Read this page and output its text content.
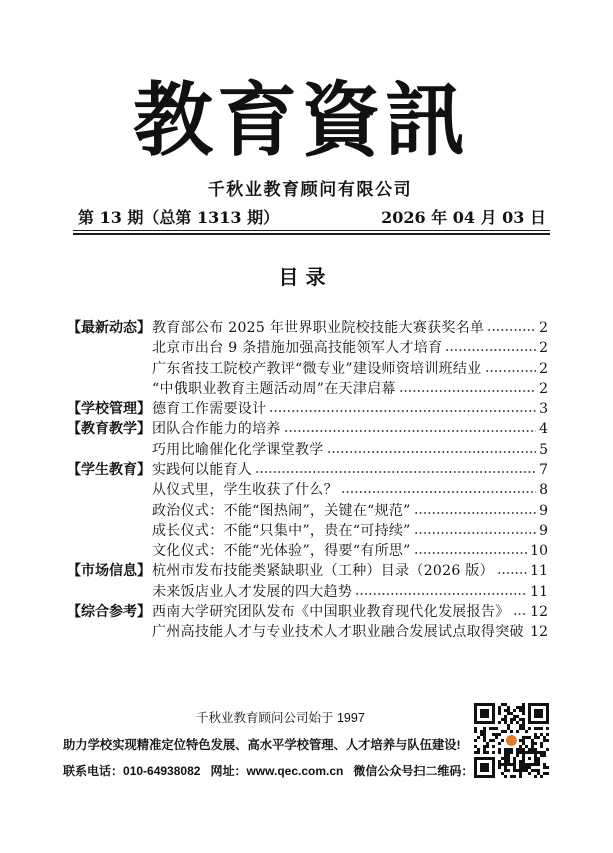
教育資訊
千秋业教育顾问有限公司
第 13 期（总第 1313 期）	2026 年 04 月 03 日
目 录
【最新动态】 教育部公布 2025 年世界职业院校技能大赛获奖名单	2
北京市出台 9 条措施加强高技能领军人才培育	2
广东省技工院校产教评“微专业”建设师资培训班结业	2
“中俄职业教育主题活动周”在天津启幕	2
【学校管理】 德育工作需要设计	3
【教育教学】 团队合作能力的培养	4
巧用比喻催化化学课堂教学	5
【学生教育】 实践何以能育人	7
从仪式里，学生收获了什么？	8
政治仪式：不能“图热闹”，关键在“规范”	9
成长仪式：不能“只集中”，贵在“可持续”	9
文化仪式：不能“光体验”，得要“有所思”	10
【市场信息】 杭州市发布技能类紧缺职业（工种）目录（2026 版）	11
未来饭店业人才发展的四大趋势	11
【综合参考】 西南大学研究团队发布《中国职业教育现代化发展报告》 12
广州高技能人才与专业技术人才职业融合发展试点取得突破 12
千秋业教育顾问公司始于 1997
助力学校实现精准定位特色发展、高水平学校管理、人才培养与队伍建设!
联系电话：010-64938082 网址：www.qec.com.cn 微信公众号扫二维码：
